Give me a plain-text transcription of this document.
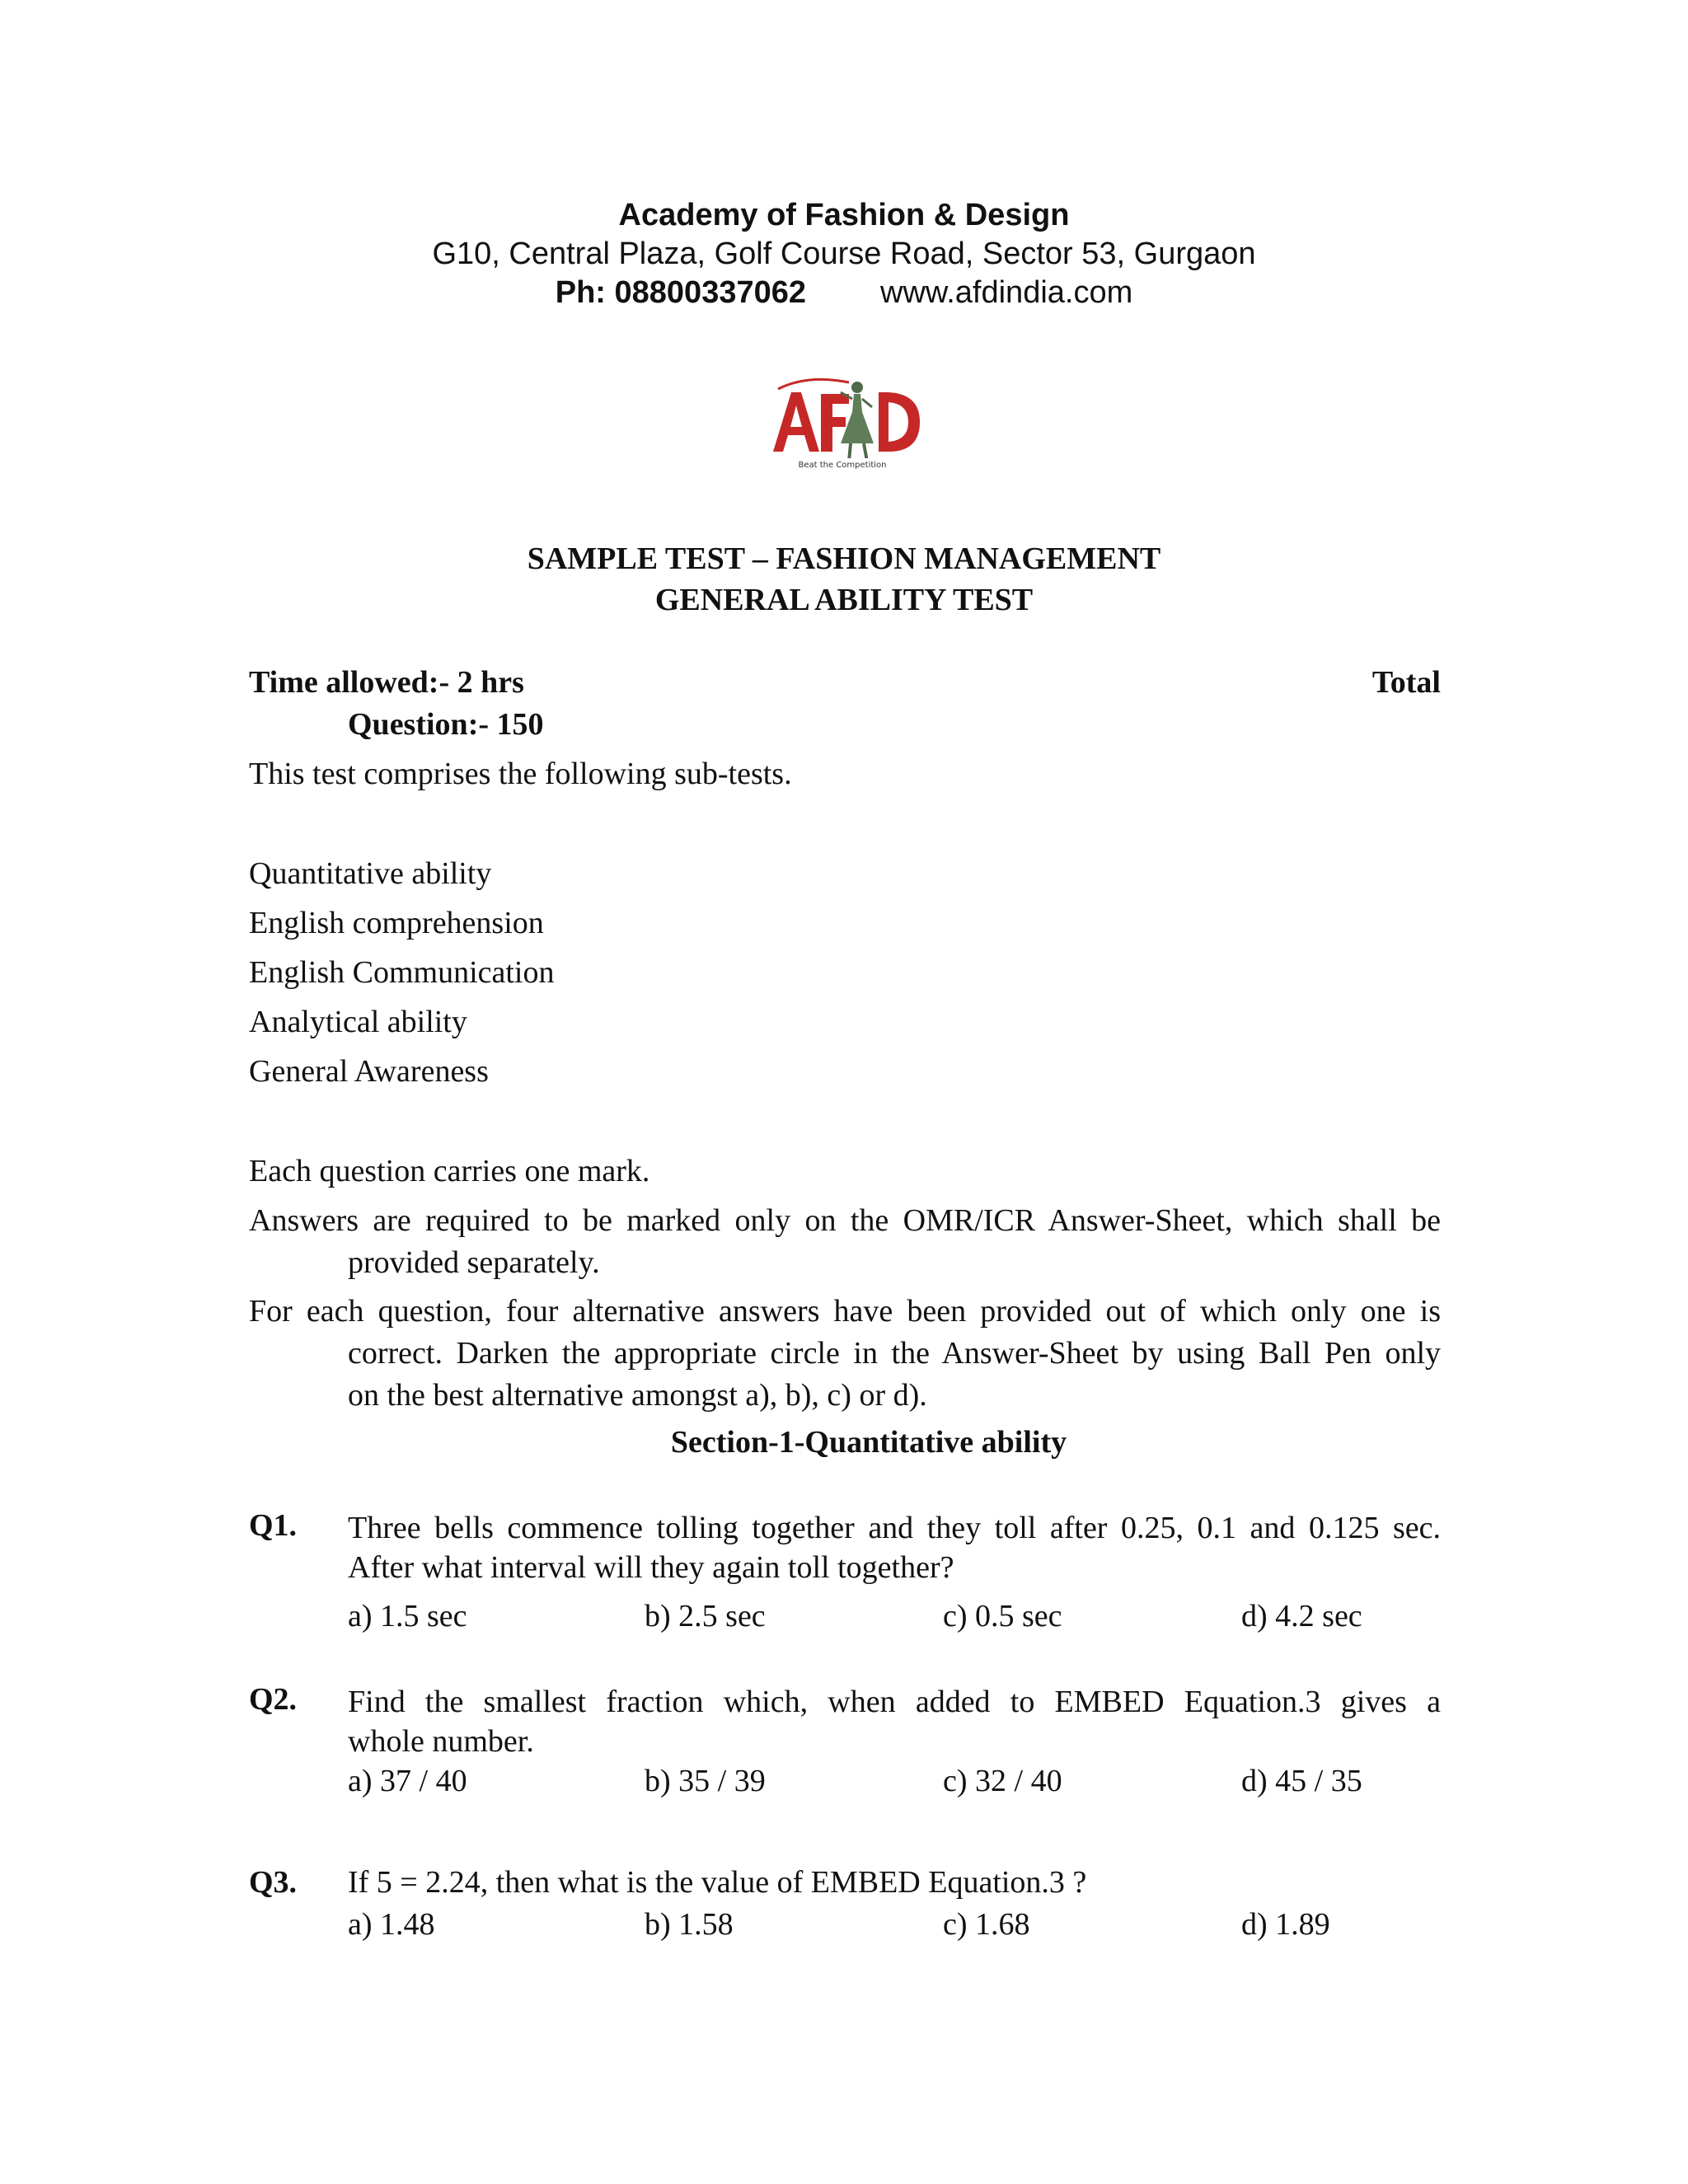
Academy of Fashion & Design
G10, Central Plaza, Golf Course Road, Sector 53, Gurgaon
Ph: 08800337062 www.afdindia.com
Beat the Competition
SAMPLE TEST – FASHION MANAGEMENT
GENERAL ABILITY TEST
Time allowed:- 2 hrs	Total
Question:- 150
This test comprises the following sub-tests.
Quantitative ability
English comprehension
English Communication
Analytical ability
General Awareness
Each question carries one mark.
Answers are required to be marked only on the OMR/ICR Answer-Sheet, which shall be
provided separately.
For each question, four alternative answers have been provided out of which only one is
correct. Darken the appropriate circle in the Answer-Sheet by using Ball Pen only
on the best alternative amongst a), b), c) or d).
Section-1-Quantitative ability
Q1. Three bells commence tolling together and they toll after 0.25, 0.1 and 0.125 sec.
After what interval will they again toll together?
a) 1.5 sec	b) 2.5 sec	c) 0.5 sec	d) 4.2 sec
Q2. Find the smallest fraction which, when added to EMBED Equation.3 gives a
whole number.
a) 37 / 40	b) 35 / 39	c) 32 / 40	d) 45 / 35
Q3. If 5 = 2.24, then what is the value of EMBED Equation.3 ?
a) 1.48	b) 1.58	c) 1.68	d) 1.89
